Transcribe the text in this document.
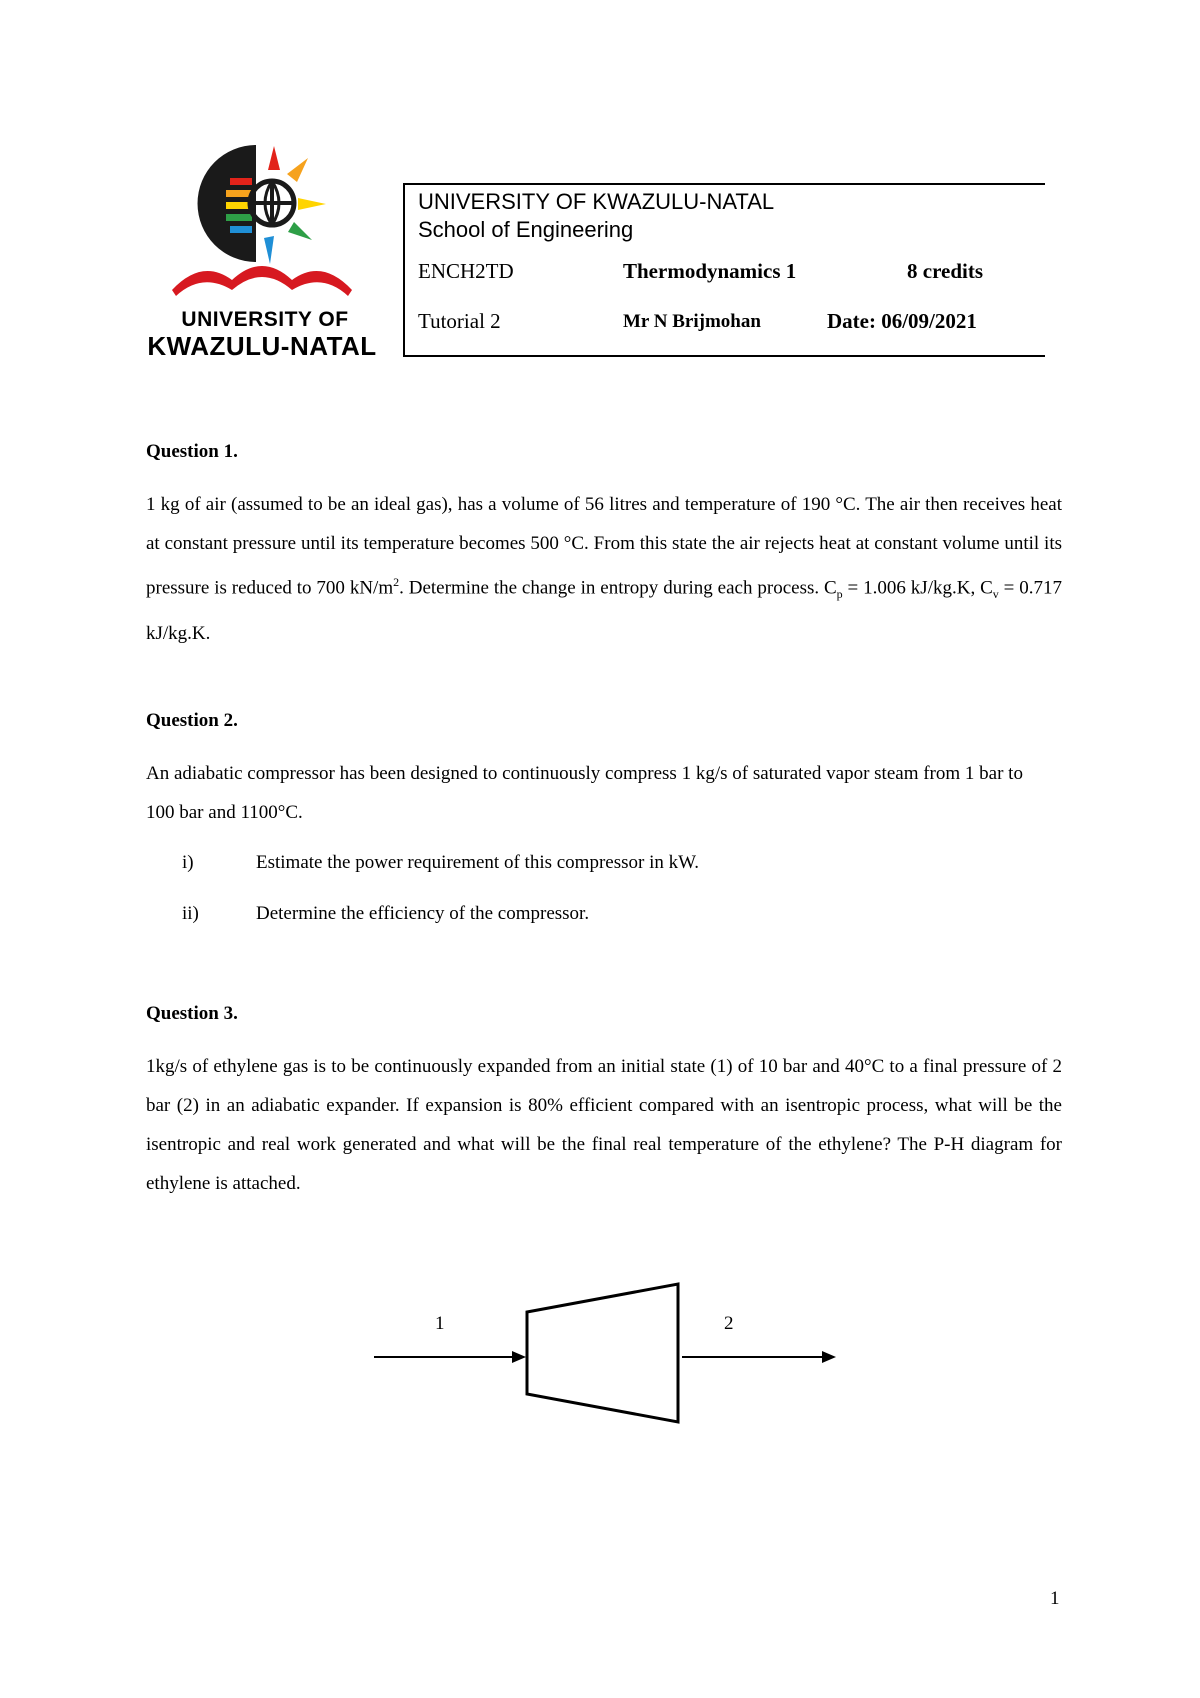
UNIVERSITY OF
KWAZULU-NATAL
UNIVERSITY OF KWAZULU-NATAL
School of Engineering
ENCH2TD	Thermodynamics 1	8 credits
Tutorial 2	Mr N Brijmohan	Date: 06/09/2021
Question 1.
1 kg of air (assumed to be an ideal gas), has a volume of 56 litres and temperature of 190 °C. The air then receives heat at constant pressure until its temperature becomes 500 °C. From this state the air rejects heat at constant volume until its pressure is reduced to 700 $kN/m^2$. Determine the change in entropy during each process. $C_p = 1.006$ kJ/kg.K, $C_v = 0.717$ kJ/kg.K.
Question 2.
An adiabatic compressor has been designed to continuously compress 1 kg/s of saturated vapor steam from 1 bar to 100 bar and 1100°C.
i)	Estimate the power requirement of this compressor in kW.
ii)	Determine the efficiency of the compressor.
Question 3.
1kg/s of ethylene gas is to be continuously expanded from an initial state (1) of 10 bar and 40°C to a final pressure of 2 bar (2) in an adiabatic expander. If expansion is 80% efficient compared with an isentropic process, what will be the isentropic and real work generated and what will be the final real temperature of the ethylene? The P-H diagram for ethylene is attached.
1	2
1
